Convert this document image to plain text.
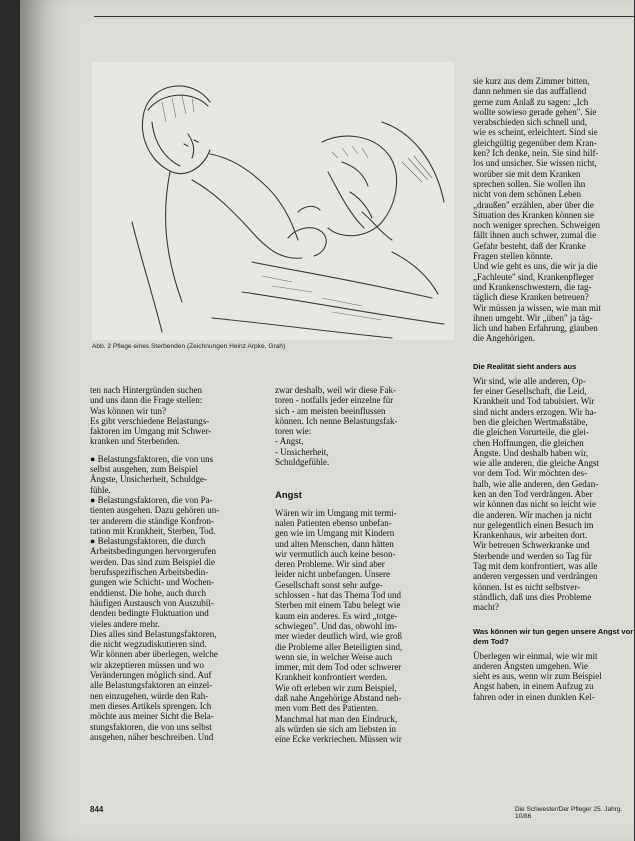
Abb. 2 Pflege eines Sterbenden (Zeichnungen Heinz Arpke, Grah)

ten nach Hintergründen suchen

und uns dann die Frage stellen:

Was können wir tun?

Es gibt verschiedene Belastungs-

faktoren im Umgang mit Schwer-

kranken und Sterbenden.

● Belastungsfaktoren, die von uns

selbst ausgehen, zum Beispiel

Ängste, Unsicherheit, Schuldge-

fühle.

● Belastungsfaktoren, die von Pa-

tienten ausgehen. Dazu gehören un-

ter anderem die ständige Konfron-

tation mit Krankheit, Sterben, Tod.

● Belastungsfaktoren, die durch

Arbeitsbedingungen hervorgerufen

werden. Das sind zum Beispiel die

berufsspezifischen Arbeitsbedin-

gungen wie Schicht- und Wochen-

enddienst. Die hohe, auch durch

häufigen Austausch von Auszubil-

denden bedingte Fluktuation und

vieles andere mehr.

Dies alles sind Belastungsfaktoren,

die nicht wegzudiskutieren sind.

Wir können aber überlegen, welche

wir akzeptieren müssen und wo

Veränderungen möglich sind. Auf

alle Belastungsfaktoren an einzel-

nen einzugehen, würde den Rah-

men dieses Artikels sprengen. Ich

möchte aus meiner Sicht die Bela-

stungsfaktoren, die von uns selbst

ausgehen, näher beschreiben. Und

zwar deshalb, weil wir diese Fak-

toren - notfalls jeder einzelne für

sich - am meisten beeinflussen

können. Ich nenne Belastungsfak-

toren wie:

- Angst,

- Unsicherheit,

Schuldgefühle.

Angst

Wären wir im Umgang mit termi-

nalen Patienten ebenso unbefan-

gen wie im Umgang mit Kindern

und alten Menschen, dann hätten

wir vermutlich auch keine beson-

deren Probleme. Wir sind aber

leider nicht unbefangen. Unsere

Gesellschaft sonst sehr aufge-

schlossen - hat das Thema Tod und

Sterben mit einem Tabu belegt wie

kaum ein anderes. Es wird „totge-

schwiegen". Und das, obwohl im-

mer wieder deutlich wird, wie groß

die Probleme aller Beteiligten sind,

wenn sie, in welcher Weise auch

immer, mit dem Tod oder schwerer

Krankheit konfrontiert werden.

Wie oft erleben wir zum Beispiel,

daß nahe Angehörige Abstand neh-

men vom Bett des Patienten.

Manchmal hat man den Eindruck,

als würden sie sich am liebsten in

eine Ecke verkriechen. Müssen wir

sie kurz aus dem Zimmer bitten,

dann nehmen sie das auffallend

gerne zum Anlaß zu sagen: „Ich

wollte sowieso gerade gehen". Sie

verabschieden sich schnell und,

wie es scheint, erleichtert. Sind sie

gleichgültig gegenüber dem Kran-

ken? Ich denke, nein. Sie sind hilf-

los und unsicher. Sie wissen nicht,

worüber sie mit dem Kranken

sprechen sollen. Sie wollen ihn

nicht von dem schönen Leben

„draußen" erzählen, aber über die

Situation des Kranken können sie

noch weniger sprechen. Schweigen

fällt ihnen auch schwer, zumal die

Gefahr besteht, daß der Kranke

Fragen stellen könnte.

Und wie geht es uns, die wir ja die

„Fachleute" sind, Krankenpfleger

und Krankenschwestern, die tag-

täglich diese Kranken betreuen?

Wir müssen ja wissen, wie man mit

ihnen umgeht. Wir „üben" ja täg-

lich und haben Erfahrung, glauben

die Angehörigen.

Die Realität sieht anders aus

Wir sind, wie alle anderen, Op-

fer einer Gesellschaft, die Leid,

Krankheit und Tod tabuisiert. Wir

sind nicht anders erzogen. Wir ha-

ben die gleichen Wertmaßstäbe,

die gleichen Vorurteile, die glei-

chen Hoffnungen, die gleichen

Ängste. Und deshalb haben wir,

wie alle anderen, die gleiche Angst

vor dem Tod. Wir möchten des-

halb, wie alle anderen, den Gedan-

ken an den Tod verdrängen. Aber

wir können das nicht so leicht wie

die anderen. Wir machen ja nicht

nur gelegentlich einen Besuch im

Krankenhaus, wir arbeiten dort.

Wir betreuen Schwerkranke und

Sterbende und werden so Tag für

Tag mit dem konfrontiert, was alle

anderen vergessen und verdrängen

können. Ist es nicht selbstver-

ständlich, daß uns dies Probleme

macht?

Was können wir tun gegen unsere Angst vor dem Tod?

Überlegen wir einmal, wie wir mit

anderen Ängsten umgehen. Wie

sieht es aus, wenn wir zum Beispiel

Angst haben, in einem Aufzug zu

fahren oder in einen dunklen Kel-

844	Die Schwester/Der Pfleger 25. Jahrg. 10/86
